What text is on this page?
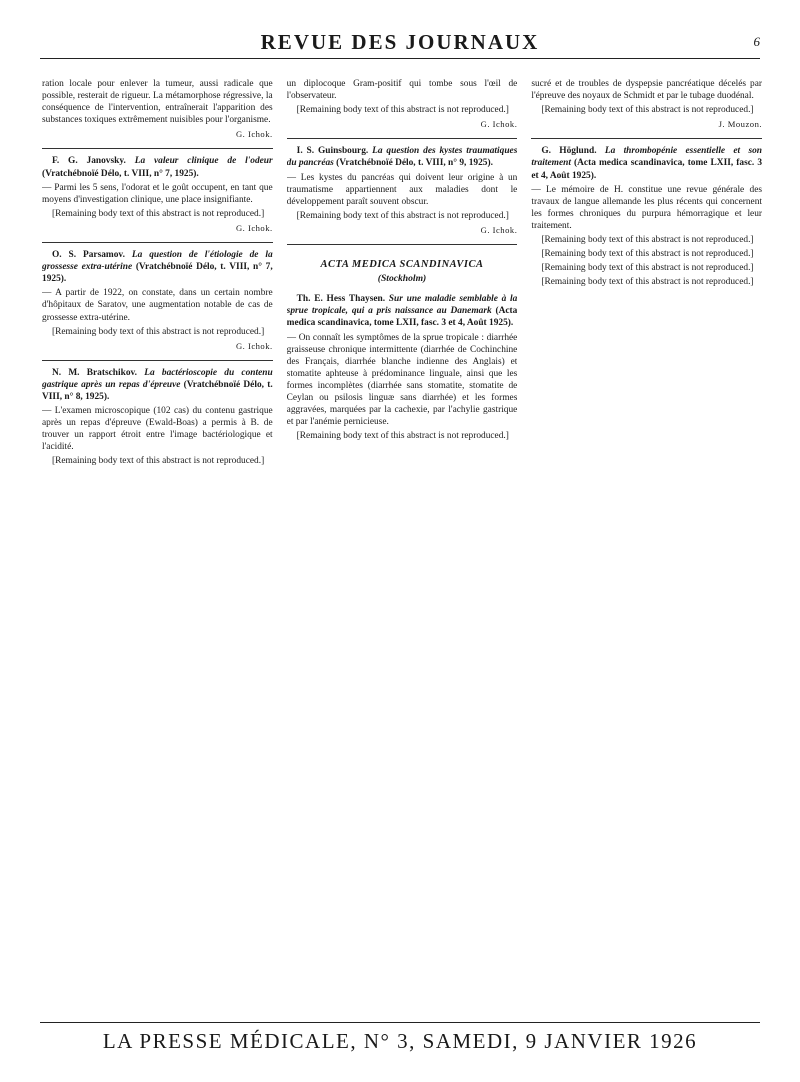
REVUE DES JOURNAUX	6

ration locale pour enlever la tumeur, aussi radicale que possible, resterait de rigueur. La métamorphose régressive, la conséquence de l'intervention, entraînerait l'apparition des substances toxiques extrêmement nuisibles pour l'organisme.

G. Ichok.

F. G. Janovsky. La valeur clinique de l'odeur (Vratchébnoïé Délo, t. VIII, n° 7, 1925).

— Parmi les 5 sens, l'odorat et le goût occupent, en tant que moyens d'investigation clinique, une place insignifiante.

[Remaining body text of this abstract is not reproduced.]

G. Ichok.

O. S. Parsamov. La question de l'étiologie de la grossesse extra-utérine (Vratchébnoïé Délo, t. VIII, n° 7, 1925).

— A partir de 1922, on constate, dans un certain nombre d'hôpitaux de Saratov, une augmentation notable de cas de grossesse extra-utérine.

[Remaining body text of this abstract is not reproduced.]

G. Ichok.

N. M. Bratschikov. La bactérioscopie du contenu gastrique après un repas d'épreuve (Vratchébnoïé Délo, t. VIII, n° 8, 1925).

— L'examen microscopique (102 cas) du contenu gastrique après un repas d'épreuve (Ewald-Boas) a permis à B. de trouver un rapport étroit entre l'image bactériologique et l'acidité.

[Remaining body text of this abstract is not reproduced.]

un diplocoque Gram-positif qui tombe sous l'œil de l'observateur.

[Remaining body text of this abstract is not reproduced.]

G. Ichok.

I. S. Guinsbourg. La question des kystes traumatiques du pancréas (Vratchébnoïé Délo, t. VIII, n° 9, 1925).

— Les kystes du pancréas qui doivent leur origine à un traumatisme appartiennent aux maladies dont le développement paraît souvent obscur.

[Remaining body text of this abstract is not reproduced.]

G. Ichok.
ACTA MEDICA SCANDINAVICA
(Stockholm)

Th. E. Hess Thaysen. Sur une maladie semblable à la sprue tropicale, qui a pris naissance au Danemark (Acta medica scandinavica, tome LXII, fasc. 3 et 4, Août 1925).

— On connaît les symptômes de la sprue tropicale : diarrhée graisseuse chronique intermittente (diarrhée de Cochinchine des Français, diarrhée blanche indienne des Anglais) et stomatite aphteuse à prédominance linguale, ainsi que les formes incomplètes (diarrhée sans stomatite, stomatite de Ceylan ou psilosis linguæ sans diarrhée) et les formes aggravées, marquées par la cachexie, par l'achylie gastrique et par l'anémie pernicieuse.

[Remaining body text of this abstract is not reproduced.]

sucré et de troubles de dyspepsie pancréatique décelés par l'épreuve des noyaux de Schmidt et par le tubage duodénal.

[Remaining body text of this abstract is not reproduced.]

J. Mouzon.

G. Höglund. La thrombopénie essentielle et son traitement (Acta medica scandinavica, tome LXII, fasc. 3 et 4, Août 1925).

— Le mémoire de H. constitue une revue générale des travaux de langue allemande les plus récents qui concernent les formes chroniques du purpura hémorragique et leur traitement.

[Remaining body text of this abstract is not reproduced.]

[Remaining body text of this abstract is not reproduced.]

[Remaining body text of this abstract is not reproduced.]

[Remaining body text of this abstract is not reproduced.]

LA PRESSE MÉDICALE, N° 3, SAMEDI, 9 JANVIER 1926
